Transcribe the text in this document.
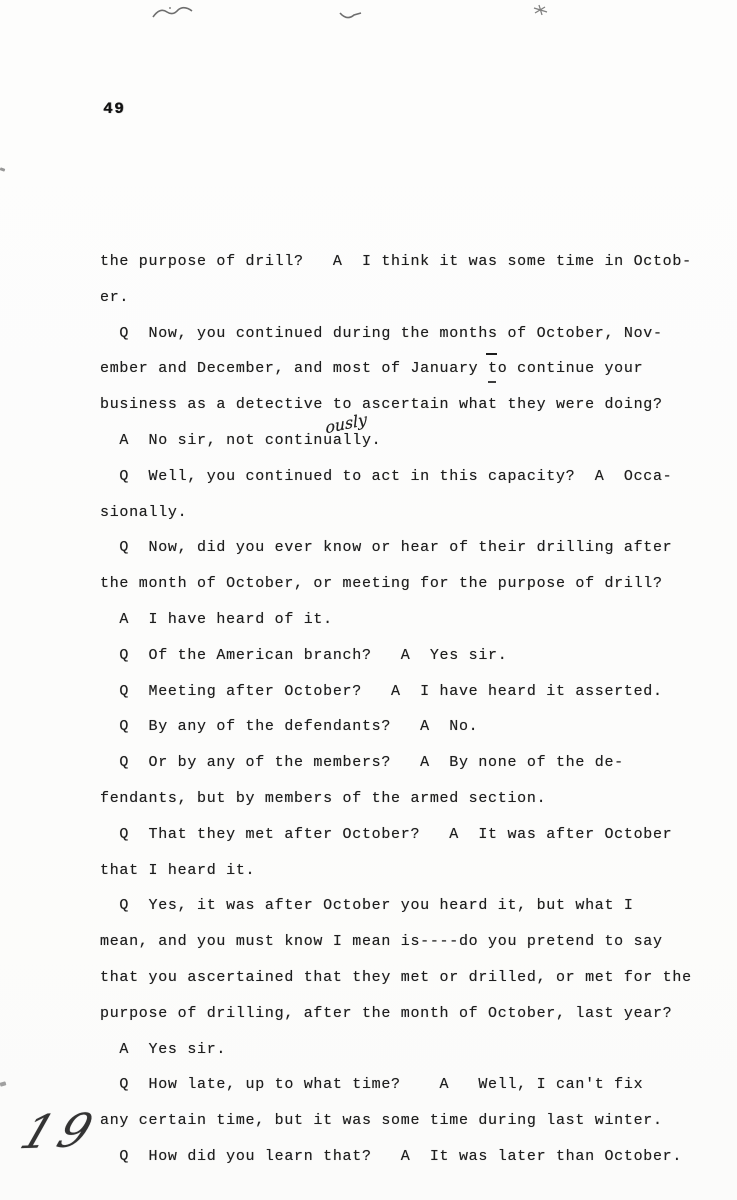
49
the purpose of drill?   A  I think it was some time in Octob-
er.
Q  Now, you continued during the months of October, Nov-
ember and December, and most of January to continue your
business as a detective to ascertain what they were doing?
A  No sir, not continu
ously
ally.
Q  Well, you continued to act in this capacity?  A  Occa-
sionally.
Q  Now, did you ever know or hear of their drilling after
the month of October, or meeting for the purpose of drill?
A  I have heard of it.
Q  Of the American branch?   A  Yes sir.
Q  Meeting after October?   A  I have heard it asserted.
Q  By any of the defendants?   A  No.
Q  Or by any of the members?   A  By none of the de-
fendants, but by members of the armed section.
Q  That they met after October?   A  It was after October
that I heard it.
Q  Yes, it was after October you heard it, but what I
mean, and you must know I mean is----do you pretend to say
that you ascertained that they met or drilled, or met for the
purpose of drilling, after the month of October, last year?
A  Yes sir.
Q  How late, up to what time?    A   Well, I can't fix
any certain time, but it was some time during last winter.
Q  How did you learn that?   A  It was later than October.
19
